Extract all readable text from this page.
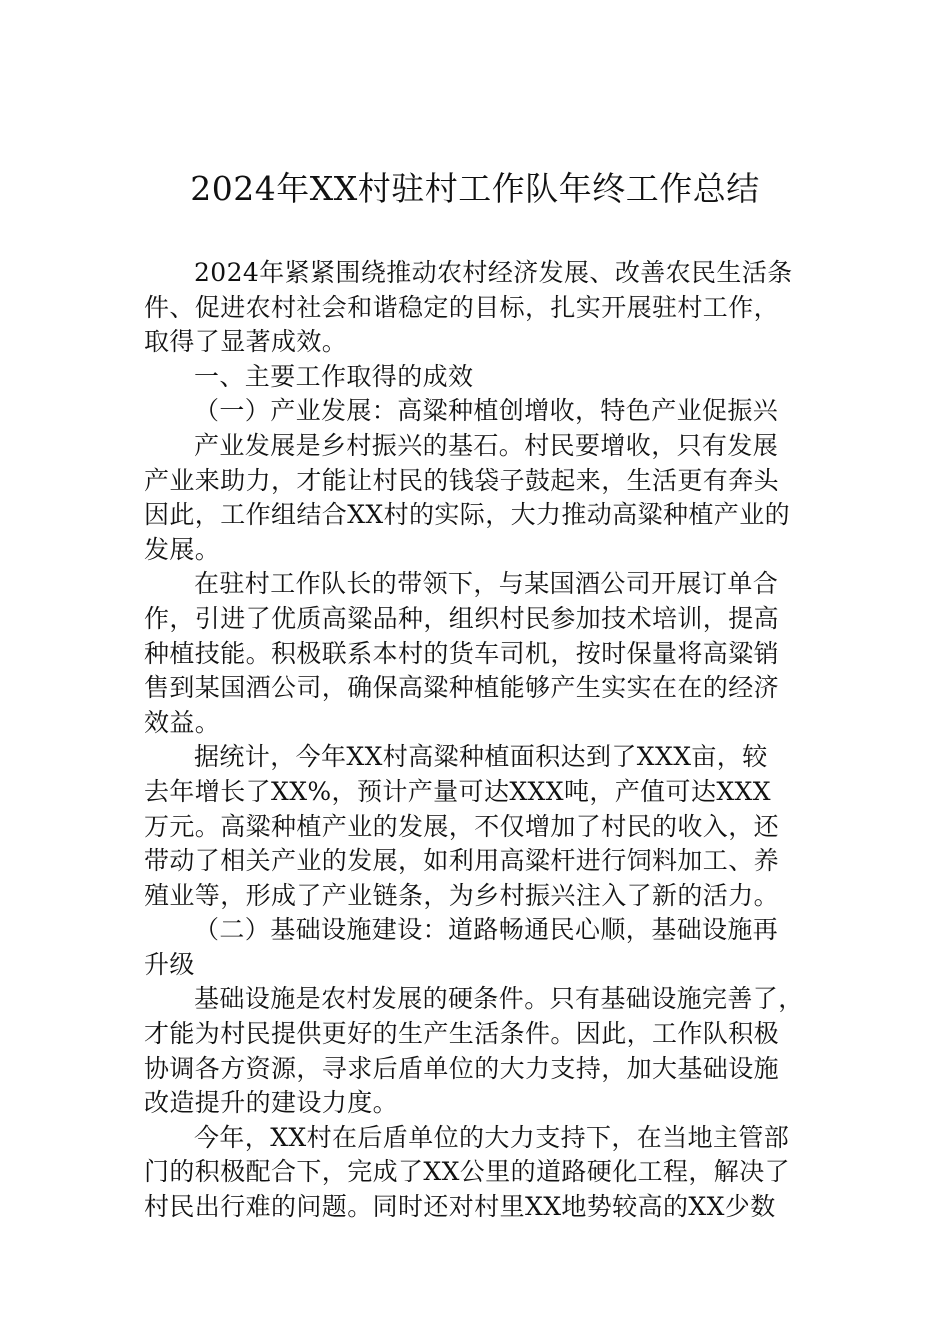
2024年XX村驻村工作队年终工作总结
2024年紧紧围绕推动农村经济发展、改善农民生活条
件、促进农村社会和谐稳定的目标，扎实开展驻村工作，
取得了显著成效。
一、主要工作取得的成效
（一）产业发展：高粱种植创增收，特色产业促振兴
产业发展是乡村振兴的基石。村民要增收，只有发展
产业来助力，才能让村民的钱袋子鼓起来，生活更有奔头
因此，工作组结合XX村的实际，大力推动高粱种植产业的
发展。
在驻村工作队长的带领下，与某国酒公司开展订单合
作，引进了优质高粱品种，组织村民参加技术培训，提高
种植技能。积极联系本村的货车司机，按时保量将高粱销
售到某国酒公司，确保高粱种植能够产生实实在在的经济
效益。
据统计，今年XX村高粱种植面积达到了XXX亩，较
去年增长了XX%，预计产量可达XXX吨，产值可达XXX
万元。高粱种植产业的发展，不仅增加了村民的收入，还
带动了相关产业的发展，如利用高粱杆进行饲料加工、养
殖业等，形成了产业链条，为乡村振兴注入了新的活力。
（二）基础设施建设：道路畅通民心顺，基础设施再
升级
基础设施是农村发展的硬条件。只有基础设施完善了，
才能为村民提供更好的生产生活条件。因此，工作队积极
协调各方资源，寻求后盾单位的大力支持，加大基础设施
改造提升的建设力度。
今年，XX村在后盾单位的大力支持下，在当地主管部
门的积极配合下，完成了XX公里的道路硬化工程，解决了
村民出行难的问题。同时还对村里XX地势较高的XX少数
